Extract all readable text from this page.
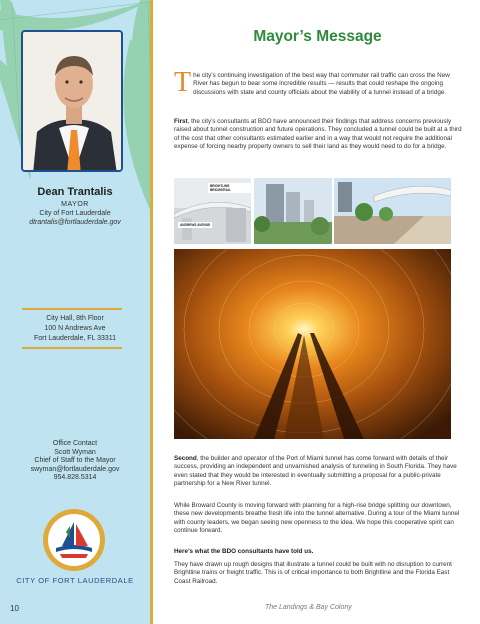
Dean Trantalis
MAYOR
City of Fort Lauderdale
dtrantalis@fortlauderdale.gov
City Hall, 8th Floor
100 N Andrews Ave
Fort Lauderdale, FL 33311
Office Contact
Scott Wyman
Chief of Staff to the Mayor
swyman@fortlauderdale.gov
954.828.5314
CITY OF FORT LAUDERDALE
10
Mayor’s Message
The city’s continuing investigation of the best way that commuter rail traffic can cross the New River has begun to bear some incredible results — results that could reshape the ongoing discussions with state and county officials about the viability of a tunnel instead of a bridge.
First, the city’s consultants at BDO have announced their findings that address concerns previously raised about tunnel construction and future operations. They concluded a tunnel could be built at a third of the cost that other consultants estimated earlier and in a way that would not require the additional expense of forcing nearby property owners to sell their land as they would need to do for a bridge.
BRIGHTLINE BRIDGE/RAIL
ANDREWS AVENUE
Second, the builder and operator of the Port of Miami tunnel has come forward with details of their success, providing an independent and unvarnished analysis of tunneling in South Florida. They have even stated that they would be interested in eventually submitting a proposal for a public-private partnership for a New River tunnel.
While Broward County is moving forward with planning for a high-rise bridge splitting our downtown, these new developments breathe fresh life into the tunnel alternative. During a tour of the Miami tunnel with county leaders, we began seeing new openness to the idea. We hope this cooperative spirit can continue forward.
Here’s what the BDO consultants have told us.
They have drawn up rough designs that illustrate a tunnel could be built with no disruption to current Brightline trains or freight traffic. This is of critical importance to both Brightline and the Florida East Coast Railroad.
The Landings & Bay Colony
